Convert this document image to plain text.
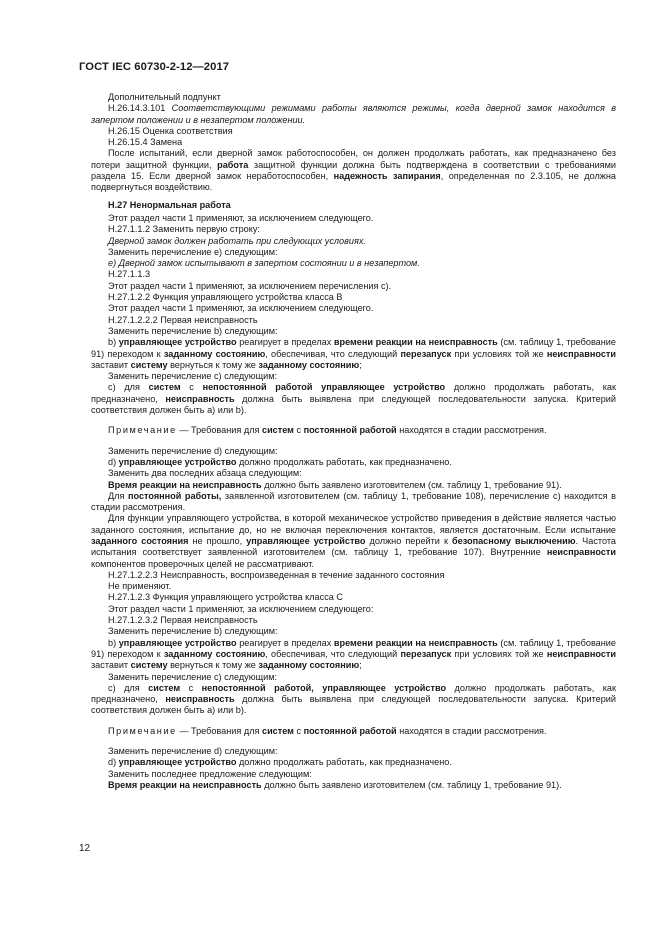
ГОСТ IEC 60730-2-12—2017

Дополнительный подпункт

Н.26.14.3.101 Соответствующими режимами работы являются режимы, когда дверной замок находится в запертом положении и в незапертом положении.

Н.26.15 Оценка соответствия

Н.26.15.4 Замена

После испытаний, если дверной замок работоспособен, он должен продолжать работать, как предназначено без потери защитной функции, работа защитной функции должна быть подтверждена в соответствии с требованиями раздела 15. Если дверной замок неработоспособен, надежность запирания, определенная по 2.3.105, не должна подвергнуться воздействию.

Н.27 Ненормальная работа

Этот раздел части 1 применяют, за исключением следующего.

Н.27.1.1.2 Заменить первую строку:

Дверной замок должен работать при следующих условиях.

Заменить перечисление е) следующим:

е) Дверной замок испытывают в запертом состоянии и в незапертом.

Н.27.1.1.3

Этот раздел части 1 применяют, за исключением перечисления с).

Н.27.1.2.2 Функция управляющего устройства класса В

Этот раздел части 1 применяют, за исключением следующего.

Н.27.1.2.2.2 Первая неисправность

Заменить перечисление b) следующим:

b) управляющее устройство реагирует в пределах времени реакции на неисправность (см. таблицу 1, требование 91) переходом к заданному состоянию, обеспечивая, что следующий перезапуск при условиях той же неисправности заставит систему вернуться к тому же заданному состоянию;

Заменить перечисление с) следующим:

с) для систем с непостоянной работой управляющее устройство должно продолжать работать, как предназначено, неисправность должна быть выявлена при следующей последовательности запуска. Критерий соответствия должен быть а) или b).

Примечание — Требования для систем с постоянной работой находятся в стадии рассмотрения.

Заменить перечисление d) следующим:

d) управляющее устройство должно продолжать работать, как предназначено.

Заменить два последних абзаца следующим:

Время реакции на неисправность должно быть заявлено изготовителем (см. таблицу 1, требование 91).

Для постоянной работы, заявленной изготовителем (см. таблицу 1, требование 108), перечисление с) находится в стадии рассмотрения.

Для функции управляющего устройства, в которой механическое устройство приведения в действие является частью заданного состояния, испытание до, но не включая переключения контактов, является достаточным. Если испытание заданного состояния не прошло, управляющее устройство должно перейти к безопасному выключению. Частота испытания соответствует заявленной изготовителем (см. таблицу 1, требование 107). Внутренние неисправности компонентов проверочных целей не рассматривают.

Н.27.1.2.2.3 Неисправность, воспроизведенная в течение заданного состояния

Не применяют.

Н.27.1.2.3 Функция управляющего устройства класса С

Этот раздел части 1 применяют, за исключением следующего:

Н.27.1.2.3.2 Первая неисправность

Заменить перечисление b) следующим:

b) управляющее устройство реагирует в пределах времени реакции на неисправность (см. таблицу 1, требование 91) переходом к заданному состоянию, обеспечивая, что следующий перезапуск при условиях той же неисправности заставит систему вернуться к тому же заданному состоянию;

Заменить перечисление с) следующим:

с) для систем с непостоянной работой, управляющее устройство должно продолжать работать, как предназначено, неисправность должна быть выявлена при следующей последовательности запуска. Критерий соответствия должен быть а) или b).

Примечание — Требования для систем с постоянной работой находятся в стадии рассмотрения.

Заменить перечисление d) следующим:

d) управляющее устройство должно продолжать работать, как предназначено.

Заменить последнее предложение следующим:

Время реакции на неисправность должно быть заявлено изготовителем (см. таблицу 1, требование 91).

12
